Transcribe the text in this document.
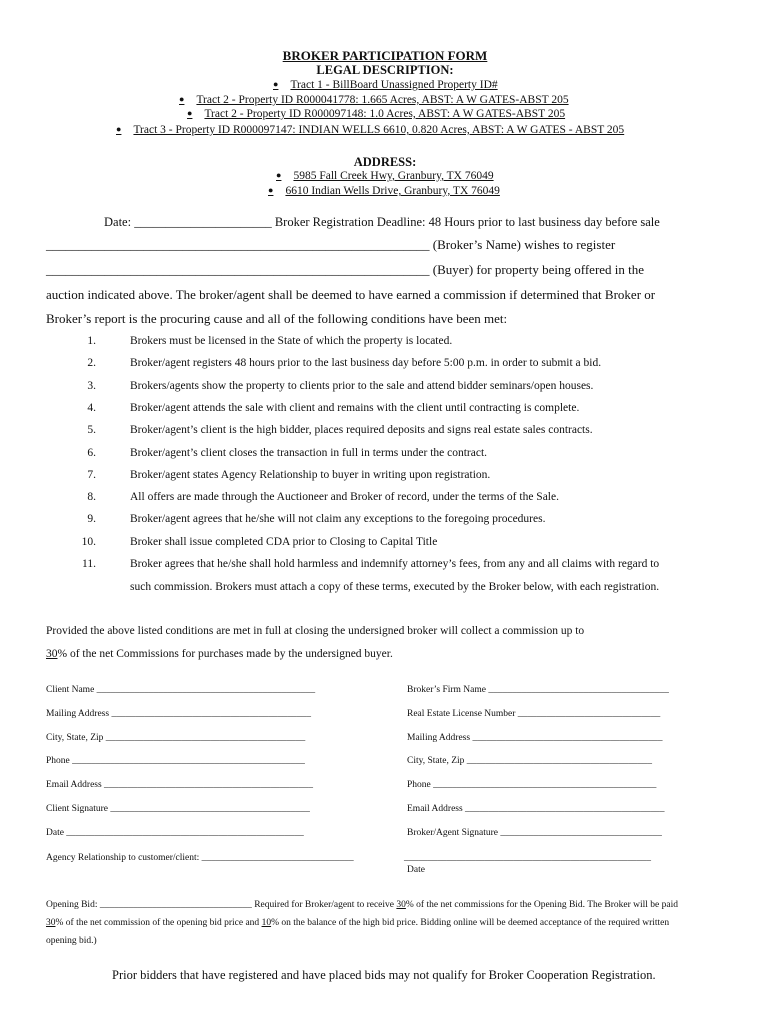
BROKER PARTICIPATION FORM
LEGAL DESCRIPTION:
● Tract 1 - BillBoard Unassigned Property ID#
● Tract 2 - Property ID R000041778: 1.665 Acres, ABST: A W GATES-ABST 205
● Tract 2 - Property ID R000097148: 1.0 Acres, ABST: A W GATES-ABST 205
● Tract 3 - Property ID R000097147: INDIAN WELLS 6610, 0.820 Acres, ABST: A W GATES - ABST 205
ADDRESS:
● 5985 Fall Creek Hwy, Granbury, TX 76049
● 6610 Indian Wells Drive, Granbury, TX 76049
Date: ______________________ Broker Registration Deadline: 48 Hours prior to last business day before sale
___________________________________________________________ (Broker’s Name) wishes to register
___________________________________________________________ (Buyer) for property being offered in the
auction indicated above. The broker/agent shall be deemed to have earned a commission if determined that Broker or
Broker’s report is the procuring cause and all of the following conditions have been met:
1.	Brokers must be licensed in the State of which the property is located.
2.	Broker/agent registers 48 hours prior to the last business day before 5:00 p.m. in order to submit a bid.
3.	Brokers/agents show the property to clients prior to the sale and attend bidder seminars/open houses.
4.	Broker/agent attends the sale with client and remains with the client until contracting is complete.
5.	Broker/agent’s client is the high bidder, places required deposits and signs real estate sales contracts.
6.	Broker/agent’s client closes the transaction in full in terms under the contract.
7.	Broker/agent states Agency Relationship to buyer in writing upon registration.
8.	All offers are made through the Auctioneer and Broker of record, under the terms of the Sale.
9.	Broker/agent agrees that he/she will not claim any exceptions to the foregoing procedures.
10.	Broker shall issue completed CDA prior to Closing to Capital Title
11.	Broker agrees that he/she shall hold harmless and indemnify attorney’s fees, from any and all claims with regard to
such commission. Brokers must attach a copy of these terms, executed by the Broker below, with each registration.
Provided the above listed conditions are met in full at closing the undersigned broker will collect a commission up to
30% of the net Commissions for purchases made by the undersigned buyer.
Client Name ______________________________________________
Mailing Address __________________________________________
City, State, Zip __________________________________________
Phone _________________________________________________
Email Address ____________________________________________
Client Signature __________________________________________
Date __________________________________________________
Broker’s Firm Name ______________________________________
Real Estate License Number ______________________________
Mailing Address ________________________________________
City, State, Zip _______________________________________
Phone _______________________________________________
Email Address __________________________________________
Broker/Agent Signature __________________________________
Agency Relationship to customer/client: ________________________________	____________________________________________________
Date
Opening Bid: ________________________________ Required for Broker/agent to receive 30% of the net commissions for the Opening Bid. The Broker will be paid
30% of the net commission of the opening bid price and 10% on the balance of the high bid price. Bidding online will be deemed acceptance of the required written
opening bid.)
Prior bidders that have registered and have placed bids may not qualify for Broker Cooperation Registration.
